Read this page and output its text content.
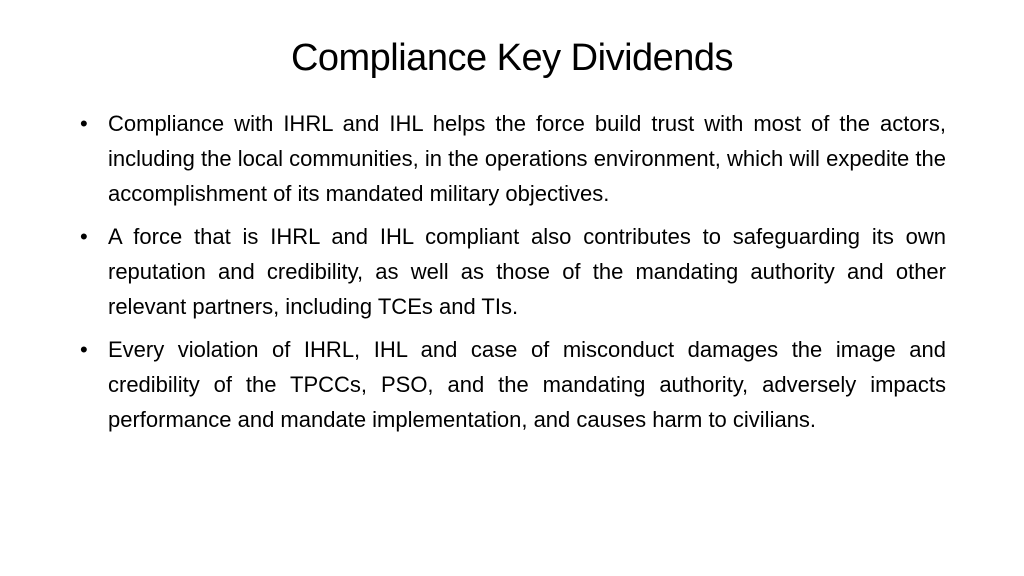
Compliance Key Dividends
• Compliance with IHRL and IHL helps the force build trust with most of the actors, including the local communities, in the operations environment, which will expedite the accomplishment of its mandated military objectives.
• A force that is IHRL and IHL compliant also contributes to safeguarding its own reputation and credibility, as well as those of the mandating authority and other relevant partners, including TCEs and TIs.
• Every violation of IHRL, IHL and case of misconduct damages the image and credibility of the TPCCs, PSO, and the mandating authority, adversely impacts performance and mandate implementation, and causes harm to civilians.
